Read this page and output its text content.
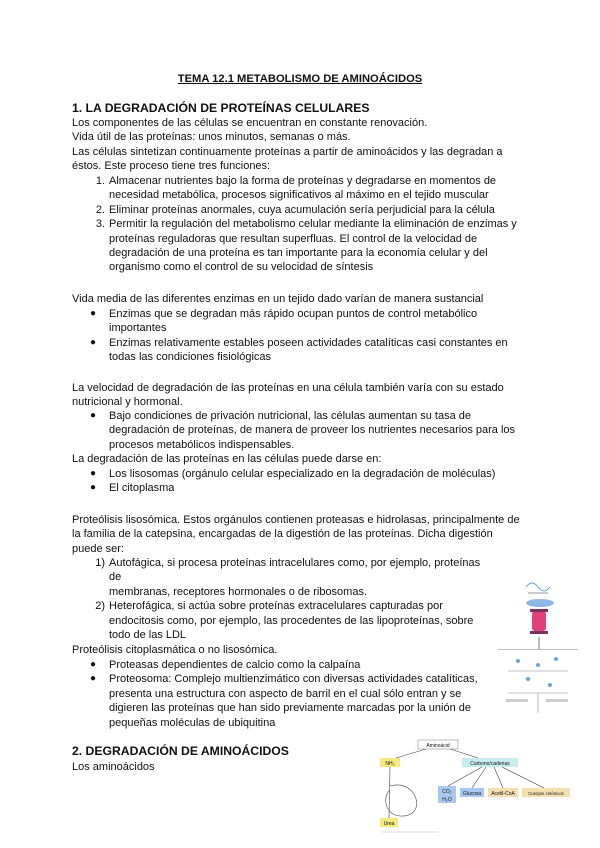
TEMA 12.1 METABOLISMO DE AMINOÁCIDOS
1. LA DEGRADACIÓN DE PROTEÍNAS CELULARES
Los componentes de las células se encuentran en constante renovación.
Vida útil de las proteínas: unos minutos, semanas o más.
Las células sintetizan continuamente proteínas a partir de aminoácidos y las degradan a
éstos. Este proceso tiene tres funciones:
1. Almacenar nutrientes bajo la forma de proteínas y degradarse en momentos de
necesidad metabólica, procesos significativos al máximo en el tejido muscular
2. Eliminar proteínas anormales, cuya acumulación sería perjudicial para la célula
3. Permitir la regulación del metabolismo celular mediante la eliminación de enzimas y
proteínas reguladoras que resultan superfluas. El control de la velocidad de
degradación de una proteína es tan importante para la economía celular y del
organismo como el control de su velocidad de síntesis
Vida media de las diferentes enzimas en un tejido dado varían de manera sustancial
● Enzimas que se degradan más rápido ocupan puntos de control metabólico
importantes
● Enzimas relativamente estables poseen actividades catalíticas casi constantes en
todas las condiciones fisiológicas
La velocidad de degradación de las proteínas en una célula también varía con su estado
nutricional y hormonal.
● Bajo condiciones de privación nutricional, las células aumentan su tasa de
degradación de proteínas, de manera de proveer los nutrientes necesarios para los
procesos metabólicos indispensables.
La degradación de las proteínas en las células puede darse en:
● Los lisosomas (orgánulo celular especializado en la degradación de moléculas)
● El citoplasma
Proteólisis lisosómica. Estos orgánulos contienen proteasas e hidrolasas, principalmente de
la familia de la catepsina, encargadas de la digestión de las proteínas. Dicha digestión
puede ser:
1) Autofágica, si procesa proteínas intracelulares como, por ejemplo, proteínas de
membranas, receptores hormonales o de ribosomas.
2) Heterofágica, si actúa sobre proteínas extracelulares capturadas por
endocitosis como, por ejemplo, las procedentes de las lipoproteínas, sobre
todo de las LDL
Proteólisis citoplasmática o no lisosómica.
● Proteasas dependientes de calcio como la calpaína
● Proteosoma: Complejo multienzimático con diversas actividades catalíticas,
presenta una estructura con aspecto de barril en el cual sólo entran y se
digieren las proteínas que han sido previamente marcadas por la unión de
pequeñas moléculas de ubiquitina
2. DEGRADACIÓN DE AMINOÁCIDOS
Los aminoácidos
Aminoácid
NH₃	Carbono/cadenas
CO₂
H₂O
Glucosa Acetil-CoA	Cuerpos cetónicos
Urea
